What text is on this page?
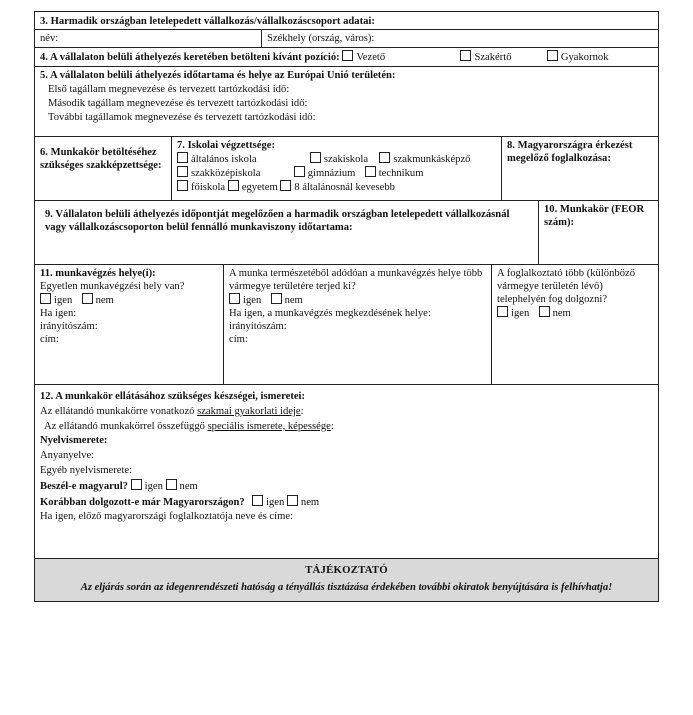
3. Harmadik országban letelepedett vállalkozás/vállalkozáscsoport adatai:
név:	Székhely (ország, város):
4. A vállalaton belüli áthelyezés keretében betölteni kívánt pozíció: Vezető	Szakértő	Gyakornok
5. A vállalaton belüli áthelyezés időtartama és helye az Európai Unió területén:
Első tagállam megnevezése és tervezett tartózkodási idő:
Második tagállam megnevezése és tervezett tartózkodási idő:
További tagállamok megnevezése és tervezett tartózkodási idő:
6. Munkakör betöltéséhez szükséges szakképzettsége:
7. Iskolai végzettsége:
általános iskola	szakiskola szakmunkásképző
szakközépiskola	gimnázium technikum
főiskola egyetem 8 általánosnál kevesebb
8. Magyarországra érkezést megelőző foglalkozása:
9. Vállalaton belüli áthelyezés időpontját megelőzően a harmadik országban letelepedett vállalkozásnál vagy vállalkozáscsoporton belül fennálló munkaviszony időtartama:
10. Munkakör (FEOR szám):
11. munkavégzés helye(i):
Egyetlen munkavégzési hely van?
igen nem
Ha igen:
irányítószám:
cím:
A munka természetéből adódóan a munkavégzés helye több vármegye területére terjed ki?
igen nem
Ha igen, a munkavégzés megkezdésének helye:
irányítószám:
cím:
A foglalkoztató több (különböző vármegye területén lévő) telephelyén fog dolgozni?
igen nem
12. A munkakör ellátásához szükséges készségei, ismeretei:
Az ellátandó munkakörre vonatkozó szakmai gyakorlati ideje:
Az ellátandó munkakörrel összefüggő speciális ismerete, képessége:
Nyelvismerete:
Anyanyelve:
Egyéb nyelvismerete:
Beszél-e magyarul? igen nem
Korábban dolgozott-e már Magyarországon? igen nem
Ha igen, előző magyarországi foglalkoztatója neve és címe:
TÁJÉKOZTATÓ
Az eljárás során az idegenrendészeti hatóság a tényállás tisztázása érdekében további okiratok benyújtására is felhívhatja!
